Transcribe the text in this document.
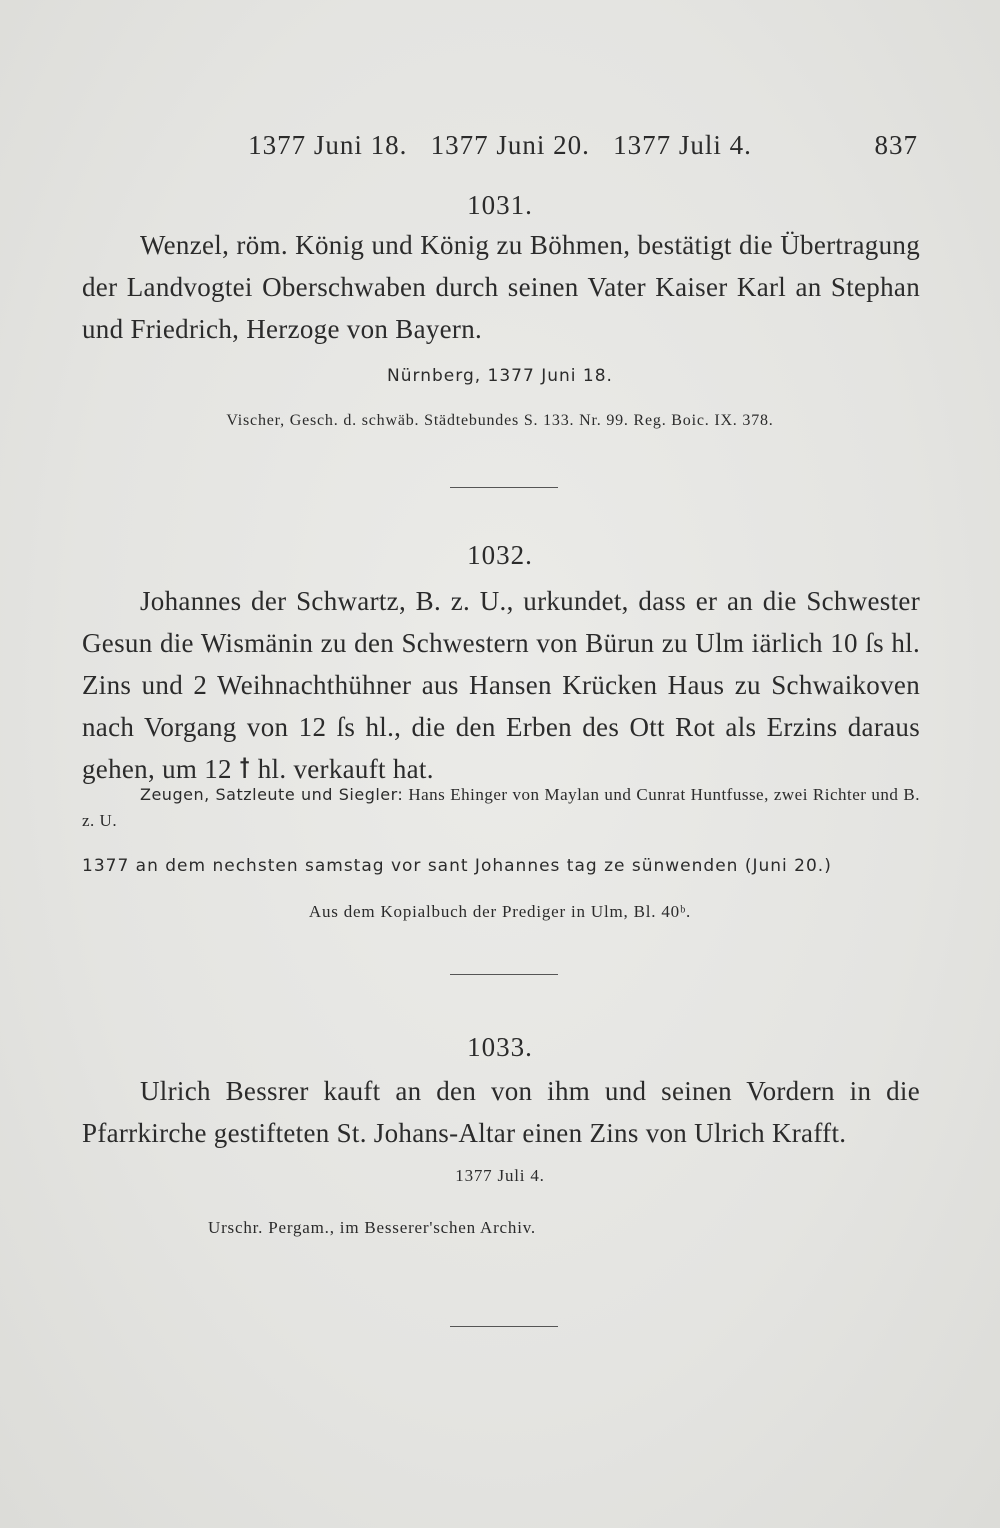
1377 Juni 18.   1377 Juni 20.   1377 Juli 4.	837
1031.
Wenzel, röm. König und König zu Böhmen, bestätigt die Übertragung der Landvogtei Oberschwaben durch seinen Vater Kaiser Karl an Stephan und Friedrich, Herzoge von Bayern.
Nürnberg, 1377 Juni 18.
Vischer, Gesch. d. schwäb. Städtebundes S. 133. Nr. 99. Reg. Boic. IX. 378.
1032.
Johannes der Schwartz, B. z. U., urkundet, dass er an die Schwester Gesun die Wismänin zu den Schwestern von Bürun zu Ulm iärlich 10 ſs hl. Zins und 2 Weihnachthühner aus Hansen Krücken Haus zu Schwaikoven nach Vorgang von 12 ſs hl., die den Erben des Ott Rot als Erzins daraus gehen, um 12 ꝉ hl. verkauft hat.
Zeugen, Satzleute und Siegler: Hans Ehinger von Maylan und Cunrat Huntfusse, zwei Richter und B. z. U.
1377 an dem nechsten samstag vor sant Johannes tag ze sünwenden (Juni 20.)
Aus dem Kopialbuch der Prediger in Ulm, Bl. 40ᵇ.
1033.
Ulrich Bessrer kauft an den von ihm und seinen Vordern in die Pfarrkirche gestifteten St. Johans-Altar einen Zins von Ulrich Krafft.
1377 Juli 4.
Urschr. Pergam., im Besserer'schen Archiv.
